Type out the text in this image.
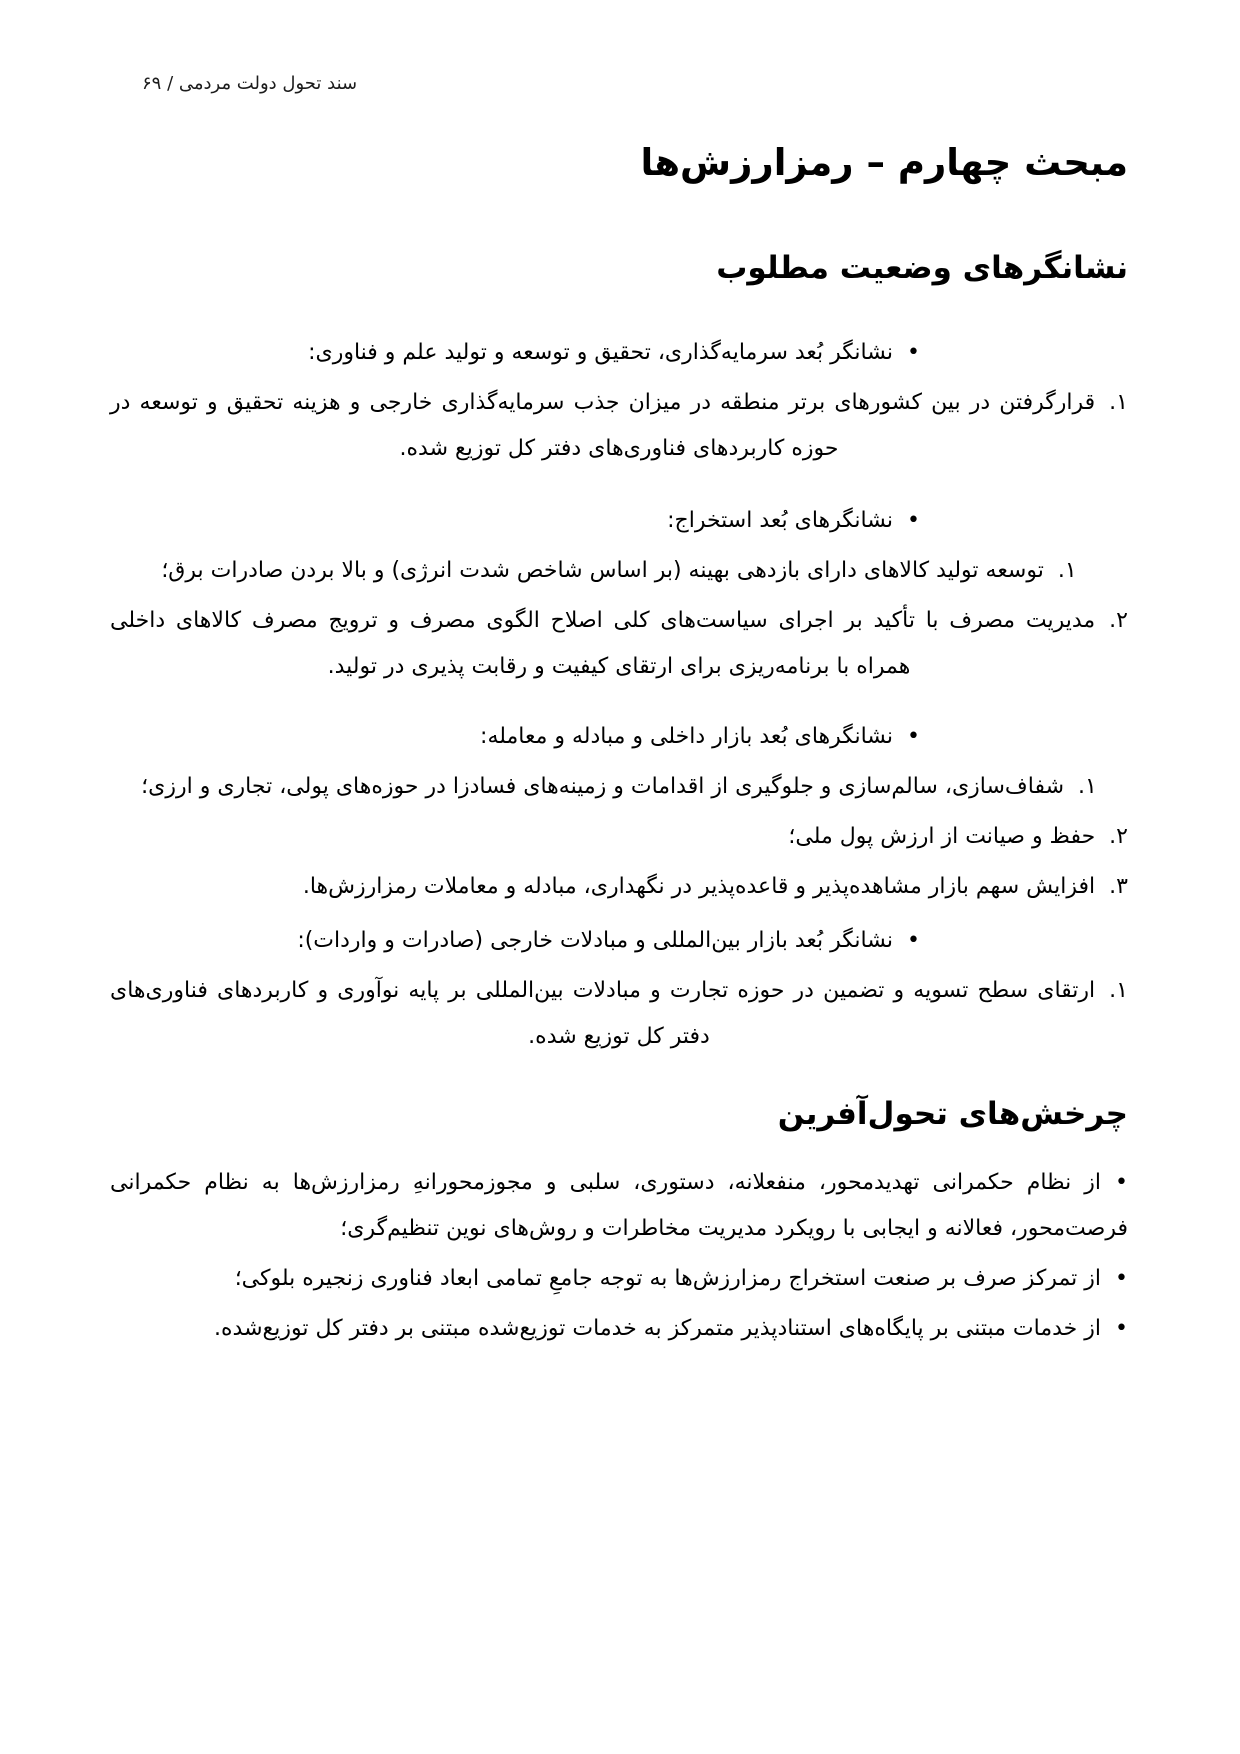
سند تحول دولت مردمی / ۶۹
مبحث چهارم – رمزارزش‌ها
نشانگرهای وضعیت مطلوب
•نشانگر بُعد سرمایه‌گذاری، تحقیق و توسعه و تولید علم و فناوری:

۱.قرارگرفتن در بین کشورهای برتر منطقه در میزان جذب سرمایه‌گذاری خارجی و هزینه تحقیق و توسعه در حوزه کاربردهای فناوری‌های دفتر کل توزیع شده.

•نشانگرهای بُعد استخراج:

۱.توسعه تولید کالاهای دارای بازدهی بهینه (بر اساس شاخص شدت انرژی) و بالا بردن صادرات برق؛

۲.مدیریت مصرف با تأکید بر اجرای سیاست‌های کلی اصلاح الگوی مصرف و ترویج مصرف کالاهای داخلی همراه با برنامه‌ریزی برای ارتقای کیفیت و رقابت پذیری در تولید.

•نشانگرهای بُعد بازار داخلی و مبادله و معامله:

۱.شفاف‌سازی، سالم‌سازی و جلوگیری از اقدامات و زمینه‌های فسادزا در حوزه‌های پولی، تجاری و ارزی؛

۲.حفظ و صیانت از ارزش پول ملی؛

۳.افزایش سهم بازار مشاهده‌پذیر و قاعده‌پذیر در نگهداری، مبادله و معاملات رمزارزش‌ها.

•نشانگر بُعد بازار بین‌المللی و مبادلات خارجی (صادرات و واردات):

۱.ارتقای سطح تسویه و تضمین در حوزه تجارت و مبادلات بین‌المللی بر پایه نوآوری و کاربردهای فناوری‌های دفتر کل توزیع شده.

چرخش‌های تحول‌آفرین

•از نظام حکمرانی تهدیدمحور، منفعلانه، دستوری، سلبی و مجوزمحورانهِ رمزارزش‌ها به نظام حکمرانی فرصت‌محور، فعالانه و ایجابی با رویکرد مدیریت مخاطرات و روش‌های نوین تنظیم‌گری؛

•از تمرکز صرف بر صنعت استخراج رمزارزش‌ها به توجه جامعِ تمامی ابعاد فناوری زنجیره بلوکی؛

•از خدمات مبتنی بر پایگاه‌های استنادپذیر متمرکز به خدمات توزیع‌شده مبتنی بر دفتر کل توزیع‌شده.
